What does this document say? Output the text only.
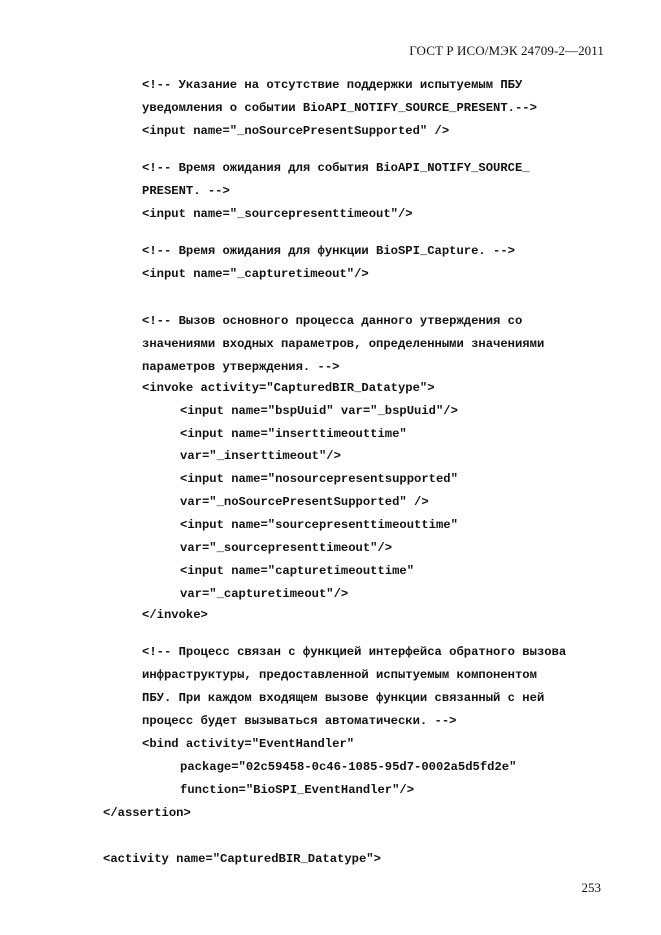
ГОСТ Р ИСО/МЭК 24709-2—2011
<!-- Указание на отсутствие поддержки испытуемым ПБУ
уведомления о событии BioAPI_NOTIFY_SOURCE_PRESENT.-->
<input name="_noSourcePresentSupported" />
<!-- Время ожидания для события BioAPI_NOTIFY_SOURCE_
PRESENT. -->
<input name="_sourcepresenttimeout"/>
<!-- Время ожидания для функции BioSPI_Capture. -->
<input name="_capturetimeout"/>
<!-- Вызов основного процесса данного утверждения со
значениями входных параметров, определенными значениями
параметров утверждения. -->
<invoke activity="CapturedBIR_Datatype">
<input name="bspUuid" var="_bspUuid"/>
<input name="inserttimeouttime"
var="_inserttimeout"/>
<input name="nosourcepresentsupported"
var="_noSourcePresentSupported" />
<input name="sourcepresenttimeouttime"
var="_sourcepresenttimeout"/>
<input name="capturetimeouttime"
var="_capturetimeout"/>
</invoke>
<!-- Процесс связан с функцией интерфейса обратного вызова
инфраструктуры, предоставленной испытуемым компонентом
ПБУ. При каждом входящем вызове функции связанный с ней
процесс будет вызываться автоматически. -->
<bind activity="EventHandler"
package="02c59458-0c46-1085-95d7-0002a5d5fd2e"
function="BioSPI_EventHandler"/>
</assertion>
<activity name="CapturedBIR_Datatype">
253
